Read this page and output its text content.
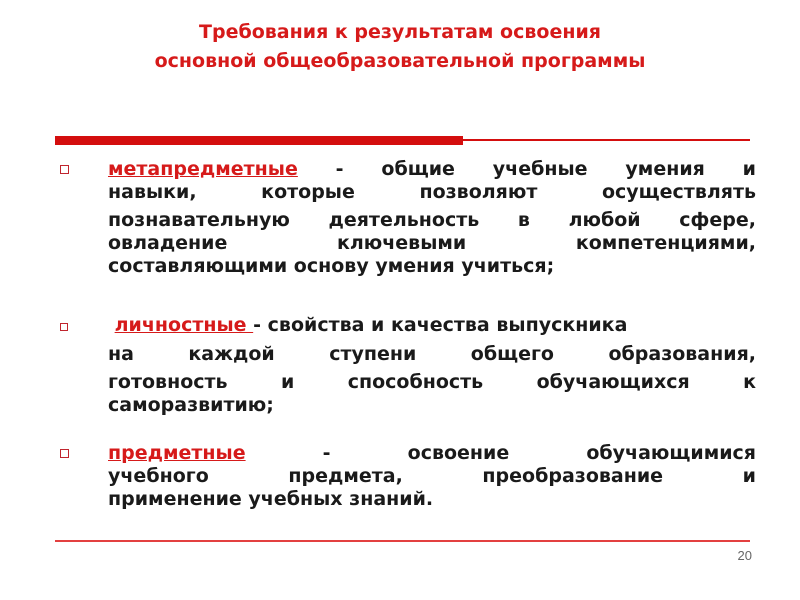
Требования к результатам освоения
основной общеобразовательной программы
метапредметные - общие учебные умения и
навыки, которые позволяют осуществлять
познавательную деятельность в любой сфере,
овладение ключевыми компетенциями,
составляющими основу умения учиться;
личностные - свойства и качества выпускника
на каждой ступени общего образования,
готовность и способность обучающихся к
саморазвитию;
предметные - освоение обучающимися
учебного предмета, преобразование и
применение учебных знаний.
20
